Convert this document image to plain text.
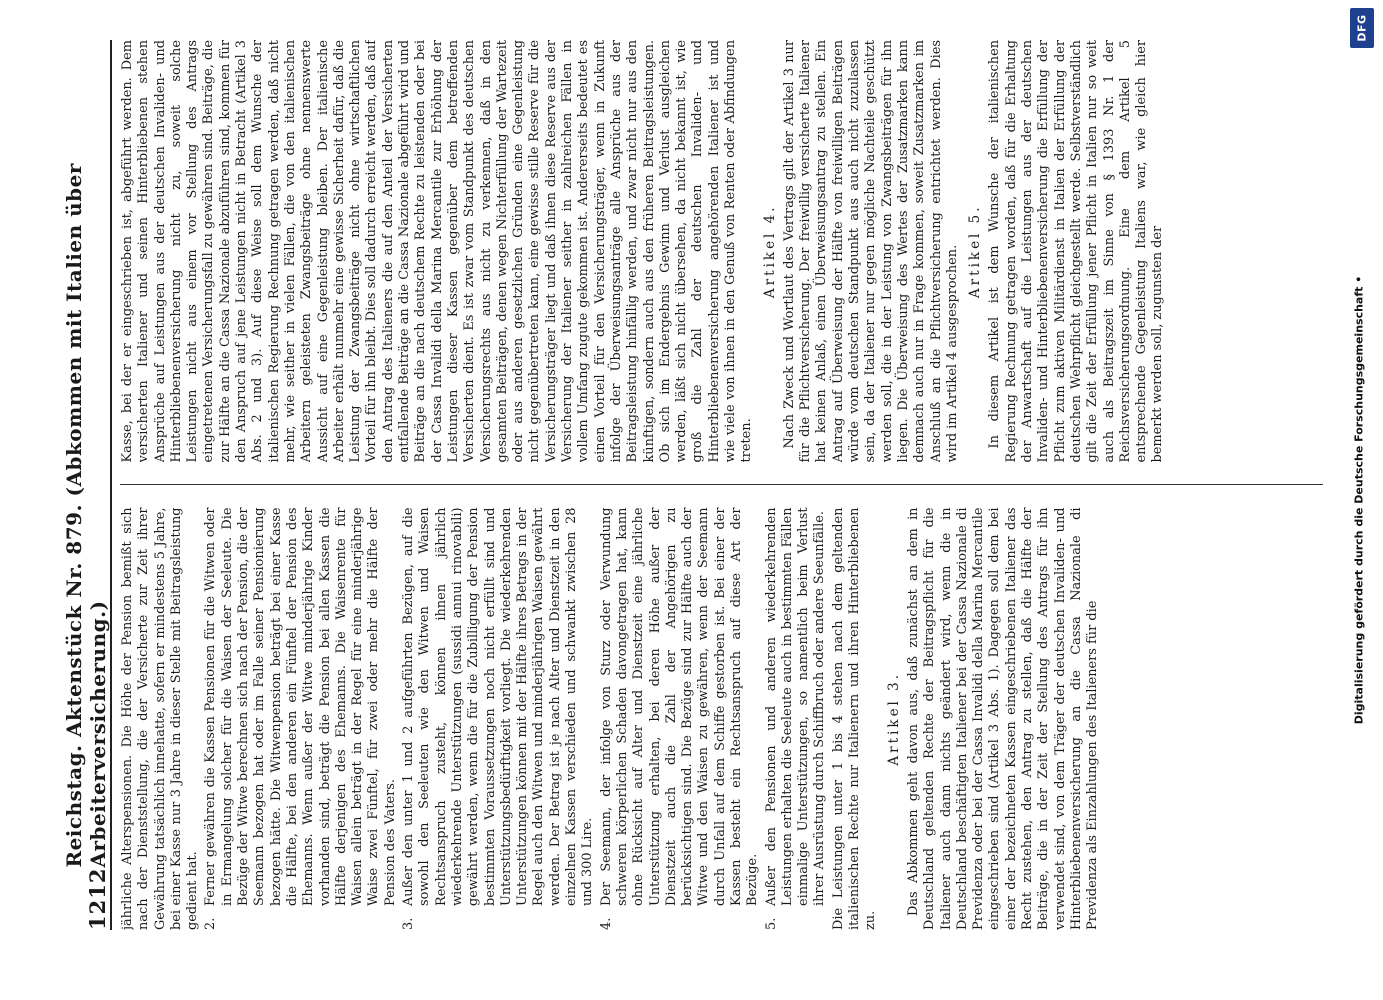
1212
Reichstag. Aktenstück Nr. 879. (Abkommen mit Italien über Arbeiterversicherung.) jährliche Alterspensionen. Die Höhe der Pension bemißt sich nach der Dienststellung, die der Versicherte zur Zeit ihrer Gewährung tatsächlich innehatte, sofern er mindestens 5 Jahre, bei einer Kasse nur 3 Jahre in dieser Stelle mit Beitragsleistung gedient hat. 2.
Ferner gewähren die Kassen Pensionen für die Witwen oder in Ermangelung solcher für die Waisen der Seeleute. Die Bezüge der Witwe berechnen sich nach der Pension, die der Seemann bezogen hat oder im Falle seiner Pensionierung bezogen hätte. Die Witwenpension beträgt bei einer Kasse die Hälfte, bei den anderen ein Fünftel der Pension des Ehemanns. Wenn außer der Witwe minderjährige Kinder vorhanden sind, beträgt die Pension bei allen Kassen die Hälfte derjenigen des Ehemanns. Die Waisenrente für Waisen allein beträgt in der Regel für eine minderjährige Waise zwei Fünftel, für zwei oder mehr die Hälfte der Pension des Vaters.
3.
Außer den unter 1 und 2 aufgeführten Bezügen, auf die sowohl den Seeleuten wie den Witwen und Waisen Rechtsanspruch zusteht, können ihnen jährlich wiederkehrende Unterstützungen (sussidi annui rinovabili) gewährt werden, wenn die für die Zubilligung der Pension bestimmten Voraussetzungen noch nicht erfüllt sind und Unterstützungsbedürftigkeit vorliegt. Die wiederkehrenden Unterstützungen können mit der Hälfte ihres Betrags in der Regel auch den Witwen und minderjährigen Waisen gewährt werden. Der Betrag ist je nach Alter und Dienstzeit in den einzelnen Kassen verschieden und schwankt zwischen 28 und 300 Lire.
4.
Der Seemann, der infolge von Sturz oder Verwundung schweren körperlichen Schaden davongetragen hat, kann ohne Rücksicht auf Alter und Dienstzeit eine jährliche Unterstützung erhalten, bei deren Höhe außer der Dienstzeit auch die Zahl der Angehörigen zu berücksichtigen sind. Die Bezüge sind zur Hälfte auch der Witwe und den Waisen zu gewähren, wenn der Seemann durch Unfall auf dem Schiffe gestorben ist. Bei einer der Kassen besteht ein Rechtsanspruch auf diese Art der Bezüge.
5.
Außer den Pensionen und anderen wiederkehrenden Leistungen erhalten die Seeleute auch in bestimmten Fällen einmalige Unterstützungen, so namentlich beim Verlust ihrer Ausrüstung durch Schiffbruch oder andere Seeunfälle. Die Leistungen unter 1 bis 4 stehen nach dem geltenden italienischen Rechte nur Italienern und ihren Hinterbliebenen zu.

Artikel 3. Das Abkommen geht davon aus, daß zunächst an dem in Deutschland geltenden Rechte der Beitragspflicht für die Italiener auch dann nichts geändert wird, wenn die in Deutschland beschäftigten Italiener bei der Cassa Nazionale di Previdenza oder bei der Cassa Invalidi della Marina Mercantile eingeschrieben sind (Artikel 3 Abs. 1). Dagegen soll dem bei einer der bezeichneten Kassen eingeschriebenen Italiener das Recht zustehen, den Antrag zu stellen, daß die Hälfte der Beiträge, die in der Zeit der Stellung des Antrags für ihn verwendet sind, von dem Träger der deutschen Invaliden- und Hinterbliebenenversicherung an die Cassa Nazionale di Previdenza als Einzahlungen des Italieners für die

Kasse, bei der er eingeschrieben ist, abgeführt werden. Dem versicherten Italiener und seinen Hinterbliebenen stehen Ansprüche auf Leistungen aus der deutschen Invaliden- und Hinterbliebenenversicherung nicht zu, soweit solche Leistungen nicht aus einem vor Stellung des Antrags eingetretenen Versicherungsfall zu gewähren sind. Beiträge, die zur Hälfte an die Cassa Nazionale abzuführen sind, kommen für den Anspruch auf jene Leistungen nicht in Betracht (Artikel 3 Abs. 2 und 3). Auf diese Weise soll dem Wunsche der italienischen Regierung Rechnung getragen werden, daß nicht mehr, wie seither in vielen Fällen, die von den italienischen Arbeitern geleisteten Zwangsbeiträge ohne nennenswerte Aussicht auf eine Gegenleistung bleiben. Der italienische Arbeiter erhält nunmehr eine gewisse Sicherheit dafür, daß die Leistung der Zwangsbeiträge nicht ohne wirtschaftlichen Vorteil für ihn bleibt. Dies soll dadurch erreicht werden, daß auf den Antrag des Italieners die auf den Anteil der Versicherten entfallende Beiträge an die Cassa Nazionale abgeführt wird und Beiträge an die nach deutschem Rechte zu leistenden oder bei der Cassa Invalidi della Marina Mercantile zur Erhöhung der Leistungen dieser Kassen gegenüber dem betreffenden Versicherten dient. Es ist zwar vom Standpunkt des deutschen Versicherungsrechts aus nicht zu verkennen, daß in den gesamten Beiträgen, denen wegen Nichterfüllung der Wartezeit oder aus anderen gesetzlichen Gründen eine Gegenleistung nicht gegenübertreten kann, eine gewisse stille Reserve für die Versicherungsträger liegt und daß ihnen diese Reserve aus der Versicherung der Italiener seither in zahlreichen Fällen in vollem Umfang zugute gekommen ist. Andererseits bedeutet es einen Vorteil für den Versicherungsträger, wenn in Zukunft infolge der Überweisungsanträge alle Ansprüche aus der Beitragsleistung hinfällig werden, und zwar nicht nur aus den künftigen, sondern auch aus den früheren Beitragsleistungen. Ob sich im Endergebnis Gewinn und Verlust ausgleichen werden, läßt sich nicht übersehen, da nicht bekannt ist, wie groß die Zahl der deutschen Invaliden- und Hinterbliebenenversicherung angehörenden Italiener ist und wie viele von ihnen in den Genuß von Renten oder Abfindungen treten.

Artikel 4. Nach Zweck und Wortlaut des Vertrags gilt der Artikel 3 nur für die Pflichtversicherung. Der freiwillig versicherte Italiener hat keinen Anlaß, einen Überweisungsantrag zu stellen. Ein Antrag auf Überweisung der Hälfte von freiwilligen Beiträgen würde vom deutschen Standpunkt aus auch nicht zuzulassen sein, da der Italiener nur gegen mögliche Nachteile geschützt werden soll, die in der Leistung von Zwangsbeiträgen für ihn liegen. Die Überweisung des Wertes der Zusatzmarken kann demnach auch nur in Frage kommen, soweit Zusatzmarken im Anschluß an die Pflichtversicherung entrichtet werden. Dies wird im Artikel 4 ausgesprochen. Artikel 5. In diesem Artikel ist dem Wunsche der italienischen Regierung Rechnung getragen worden, daß für die Erhaltung der Anwartschaft auf die Leistungen aus der deutschen Invaliden- und Hinterbliebenenversicherung die Erfüllung der Pflicht zum aktiven Militärdienst in Italien der Erfüllung der deutschen Wehrpflicht gleichgestellt werde. Selbstverständlich gilt die Zeit der Erfüllung jener Pflicht in Italien nur so weit auch als Beitragszeit im Sinne von § 1393 Nr. 1 der Reichsversicherungsordnung. Eine dem Artikel 5 entsprechende Gegenleistung Italiens war, wie gleich hier bemerkt werden soll, zugunsten der

DFG
Digitalisierung gefördert durch die Deutsche Forschungsgemeinschaft •
